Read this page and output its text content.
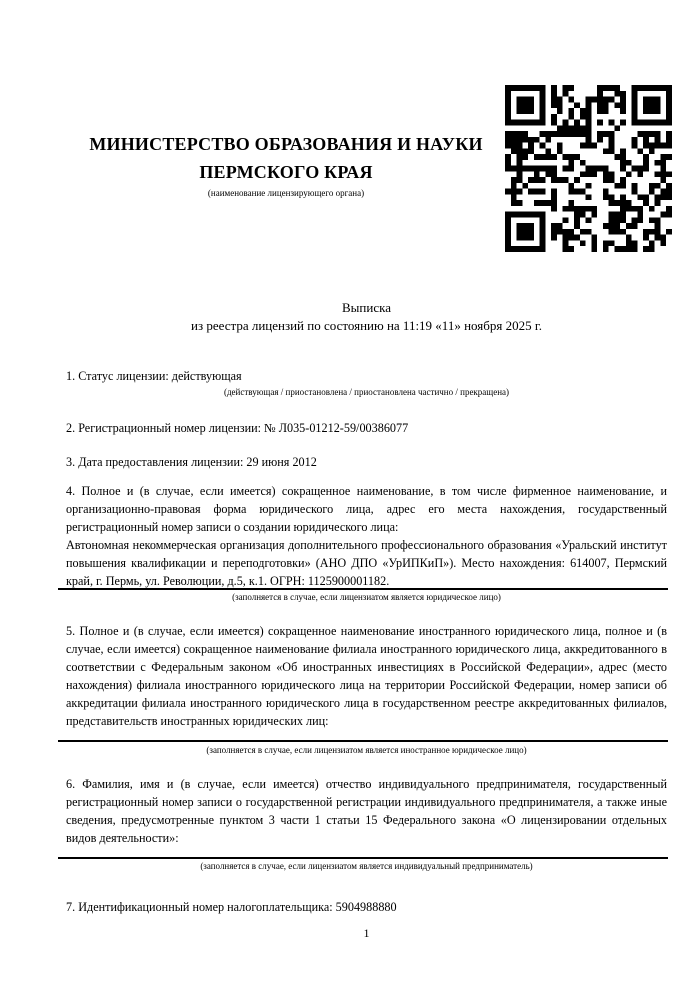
МИНИСТЕРСТВО ОБРАЗОВАНИЯ И НАУКИ
ПЕРМСКОГО КРАЯ
(наименование лицензирующего органа)
Выписка
из реестра лицензий по состоянию на 11:19 «11» ноября 2025 г.
1. Статус лицензии: действующая
(действующая / приостановлена / приостановлена частично / прекращена)
2. Регистрационный номер лицензии: № Л035-01212-59/00386077
3. Дата предоставления лицензии: 29 июня 2012

4. Полное и (в случае, если имеется) сокращенное наименование, в том числе фирменное наименование, и организационно-правовая форма юридического лица, адрес его места нахождения, государственный регистрационный номер записи о создании юридического лица:

Автономная некоммерческая организация дополнительного профессионального образования «Уральский институт повышения квалификации и переподготовки» (АНО ДПО «УрИПКиП»). Место нахождения: 614007, Пермский край, г. Пермь, ул. Революции, д.5, к.1. ОГРН: 1125900001182.

(заполняется в случае, если лицензиатом является юридическое лицо)
5. Полное и (в случае, если имеется) сокращенное наименование иностранного юридического лица, полное и (в случае, если имеется) сокращенное наименование филиала иностранного юридического лица, аккредитованного в соответствии с Федеральным законом «Об иностранных инвестициях в Российской Федерации», адрес (место нахождения) филиала иностранного юридического лица на территории Российской Федерации, номер записи об аккредитации филиала иностранного юридического лица в государственном реестре аккредитованных филиалов, представительств иностранных юридических лиц:
(заполняется в случае, если лицензиатом является иностранное юридическое лицо)
6. Фамилия, имя и (в случае, если имеется) отчество индивидуального предпринимателя, государственный регистрационный номер записи о государственной регистрации индивидуального предпринимателя, а также иные сведения, предусмотренные пунктом 3 части 1 статьи 15 Федерального закона «О лицензировании отдельных видов деятельности»:
(заполняется в случае, если лицензиатом является индивидуальный предприниматель)
7. Идентификационный номер налогоплательщика: 5904988880
1
